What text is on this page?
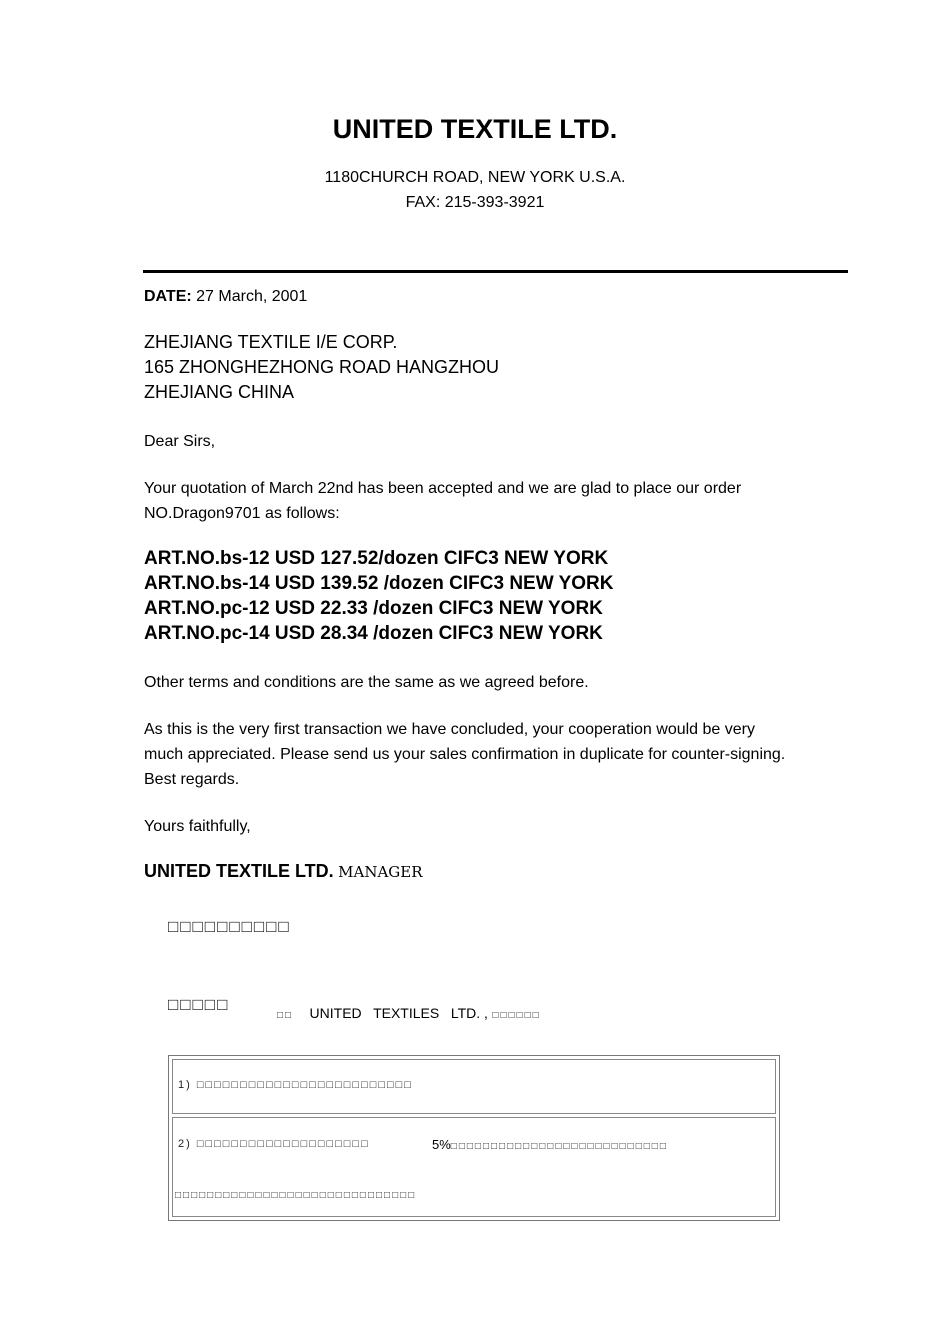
UNITED TEXTILE LTD.
1180CHURCH ROAD, NEW YORK U.S.A.
FAX: 215-393-3921
DATE: 27 March, 2001
ZHEJIANG TEXTILE I/E CORP.
165 ZHONGHEZHONG ROAD HANGZHOU
ZHEJIANG CHINA
Dear Sirs,
Your quotation of March 22nd has been accepted and we are glad to place our order
NO.Dragon9701 as follows:
ART.NO.bs-12 USD 127.52/dozen CIFC3 NEW YORK
ART.NO.bs-14 USD 139.52 /dozen CIFC3 NEW YORK
ART.NO.pc-12 USD 22.33 /dozen CIFC3 NEW YORK
ART.NO.pc-14 USD 28.34 /dozen CIFC3 NEW YORK
Other terms and conditions are the same as we agreed before.
As this is the very first transaction we have concluded, your cooperation would be very
much appreciated. Please send us your sales confirmation in duplicate for counter-signing.
Best regards.
Yours faithfully,
UNITED TEXTILE LTD. MANAGER
□□□□□□□□□□
□□□□□
□□ UNITED   TEXTILES   LTD. , □□□□□□
1) □□□□□□□□□□□□□□□□□□□□□□□□□
2) □□□□□□□□□□□□□□□□□□□□	5%□□□□□□□□□□□□□□□□□□□□□□□□□□□
□□□□□□□□□□□□□□□□□□□□□□□□□□□□□□
